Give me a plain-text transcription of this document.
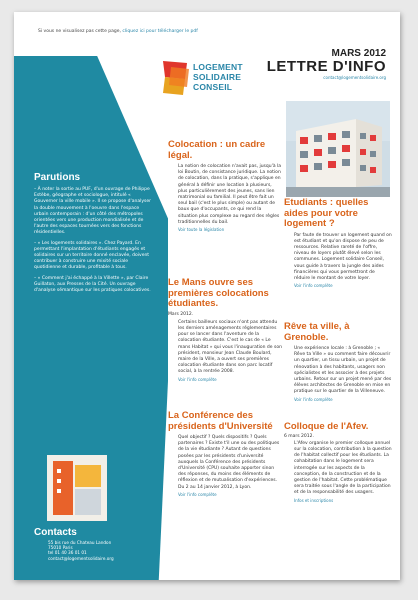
Si vous ne visualisez pas cette page, cliquez ici pour télécharger le pdf
LOGEMENT
SOLIDAIRE
CONSEIL
MARS 2012
LETTRE D'INFO
contact@logementsolidaire.org
Parutions
– À noter la sortie au PUF, d'un ouvrage de Philippe Estèbe, géographe et sociologue, intitulé « Gouverner la ville mobile ». Il se propose d'analyser la double mouvement à l'oeuvre dans l'espace urbain contemporain : d'un côté des métropoles orientées vers une production mondialisée et de l'autre des espaces tournées vers des fonctions résidentielles.
– « Les logements solidaires ». Chez Payard. En permettant l'implantation d'étudiants engagés et solidaires sur un territoire donné enclavée, doivent contribuer à construire une mixité sociale quotidienne et durable, profitable à tous.
– « Comment j'ai échappé à la Villette », par Claire Guillaton, aux Presses de la Cité. Un ouvrage d'analyse sémantique sur les pratiques colocatives.
Contacts
55 bis rue du Chateau Landon
75010 Paris
tel 01 40 36 01 01
contact@logementsolidaire.org
Colocation : un cadre légal.
La notion de colocation n'avait pas, jusqu'à la loi Boutin, de consistance juridique. La notion de colocation, dans la pratique, s'applique en général à définir une location à plusieurs, plus particulièrement des jeunes, sans lien matrimonial ou familial. Il peut être fait un seul bail (c'est le plus simple) ou autant de baux que d'occupants, ce qui rend la situation plus complexe au regard des règles traditionnelles du bail.
Voir toute la législation
Le Mans ouvre ses premières colocations étudiantes.
Mars 2012.
Certains bailleurs sociaux n'ont pas attendu les derniers aménagements réglementaires pour se lancer dans l'aventure de la colocation étudiante. C'est le cas de « Le mans Habitat » qui vous l'inauguration de son président, monsieur Jean Claude Boulard, maire de la Ville, a ouvert ses premières colocation étudiante dans son parc locatif social, à la rentrée 2008.
Voir l'info complète
La Conférence des présidents d'Université
Quel objectif ? Quels dispositifs ? Quels partenaires ? Existe t'il une ou des politiques de la vie étudiante ? Autant de questions posées par les présidents d'université auxquels la Conférence des présidents d'Université (CPU) souhaite apporter sinon des réponses, du moins des éléments de réflexion et de mutualisation d'expériences.
Du 2 au 14 janvier 2012, à Lyon.
Voir l'info complète
Etudiants : quelles aides pour votre logement ?
Par faute de trouver un logement quand on est étudiant et qu'on dispose de peu de ressources. Relative rareté de l'offre, niveau de loyers plutôt élevé selon les communes. Logement solidaire Conseil, vous guide à travers la jungle des aides financières qui vous permettront de réduire le montant de votre loyer.
Voir l'info complète
Rêve ta ville, à Grenoble.
Une expérience locale : à Grenoble ; « Rêve ta Ville » ou comment faire découvrir un quartier, un tissu urbain, un projet de rénovation à des habitants, usagers non spécialistes et les associer à des projets urbains. Retour sur un projet mené par des élèves architectes de Grenoble en mise en pratique sur le quartier de la Villeneuve.
Voir l'info complète
Colloque de l'Afev.
6 mars 2012.
L'Afev organise le premier colloque annuel sur la colocation, contribution à la question de l'habitat collectif pour les étudiants. La cohabitation dans le logement sera interrogée sur les aspects de la conception, de la construction et de la gestion de l'habitat. Cette problématique sera traitée sous l'angle de la participation et de la responsabilité des usagers.
Infos et inscriptions
